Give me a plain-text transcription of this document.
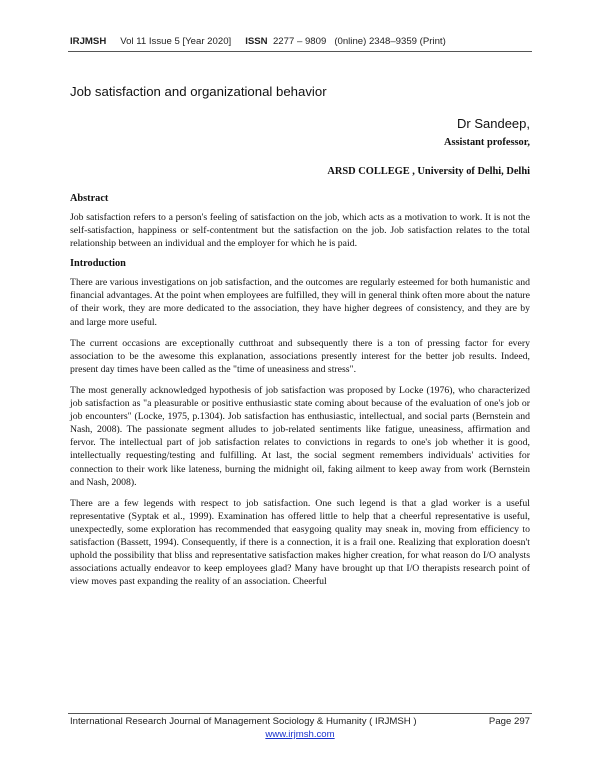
IRJMSH Vol 11 Issue 5 [Year 2020] ISSN 2277 – 9809 (0nline) 2348–9359 (Print)
Job satisfaction and organizational behavior
Dr Sandeep,
Assistant professor,
ARSD COLLEGE , University of Delhi, Delhi
Abstract

Job satisfaction refers to a person's feeling of satisfaction on the job, which acts as a motivation to work. It is not the self-satisfaction, happiness or self-contentment but the satisfaction on the job. Job satisfaction relates to the total relationship between an individual and the employer for which he is paid.

Introduction

There are various investigations on job satisfaction, and the outcomes are regularly esteemed for both humanistic and financial advantages. At the point when employees are fulfilled, they will in general think often more about the nature of their work, they are more dedicated to the association, they have higher degrees of consistency, and they are by and large more useful.

The current occasions are exceptionally cutthroat and subsequently there is a ton of pressing factor for every association to be the awesome this explanation, associations presently interest for the better job results. Indeed, present day times have been called as the "time of uneasiness and stress".

The most generally acknowledged hypothesis of job satisfaction was proposed by Locke (1976), who characterized job satisfaction as "a pleasurable or positive enthusiastic state coming about because of the evaluation of one's job or job encounters" (Locke, 1975, p.1304). Job satisfaction has enthusiastic, intellectual, and social parts (Bernstein and Nash, 2008). The passionate segment alludes to job-related sentiments like fatigue, uneasiness, affirmation and fervor. The intellectual part of job satisfaction relates to convictions in regards to one's job whether it is good, intellectually requesting/testing and fulfilling. At last, the social segment remembers individuals' activities for connection to their work like lateness, burning the midnight oil, faking ailment to keep away from work (Bernstein and Nash, 2008).

There are a few legends with respect to job satisfaction. One such legend is that a glad worker is a useful representative (Syptak et al., 1999). Examination has offered little to help that a cheerful representative is useful, unexpectedly, some exploration has recommended that easygoing quality may sneak in, moving from efficiency to satisfaction (Bassett, 1994). Consequently, if there is a connection, it is a frail one. Realizing that exploration doesn't uphold the possibility that bliss and representative satisfaction makes higher creation, for what reason do I/O analysts associations actually endeavor to keep employees glad? Many have brought up that I/O therapists research point of view moves past expanding the reality of an association. Cheerful

International Research Journal of Management Sociology & Humanity ( IRJMSH )	Page 297
www.irjmsh.com
